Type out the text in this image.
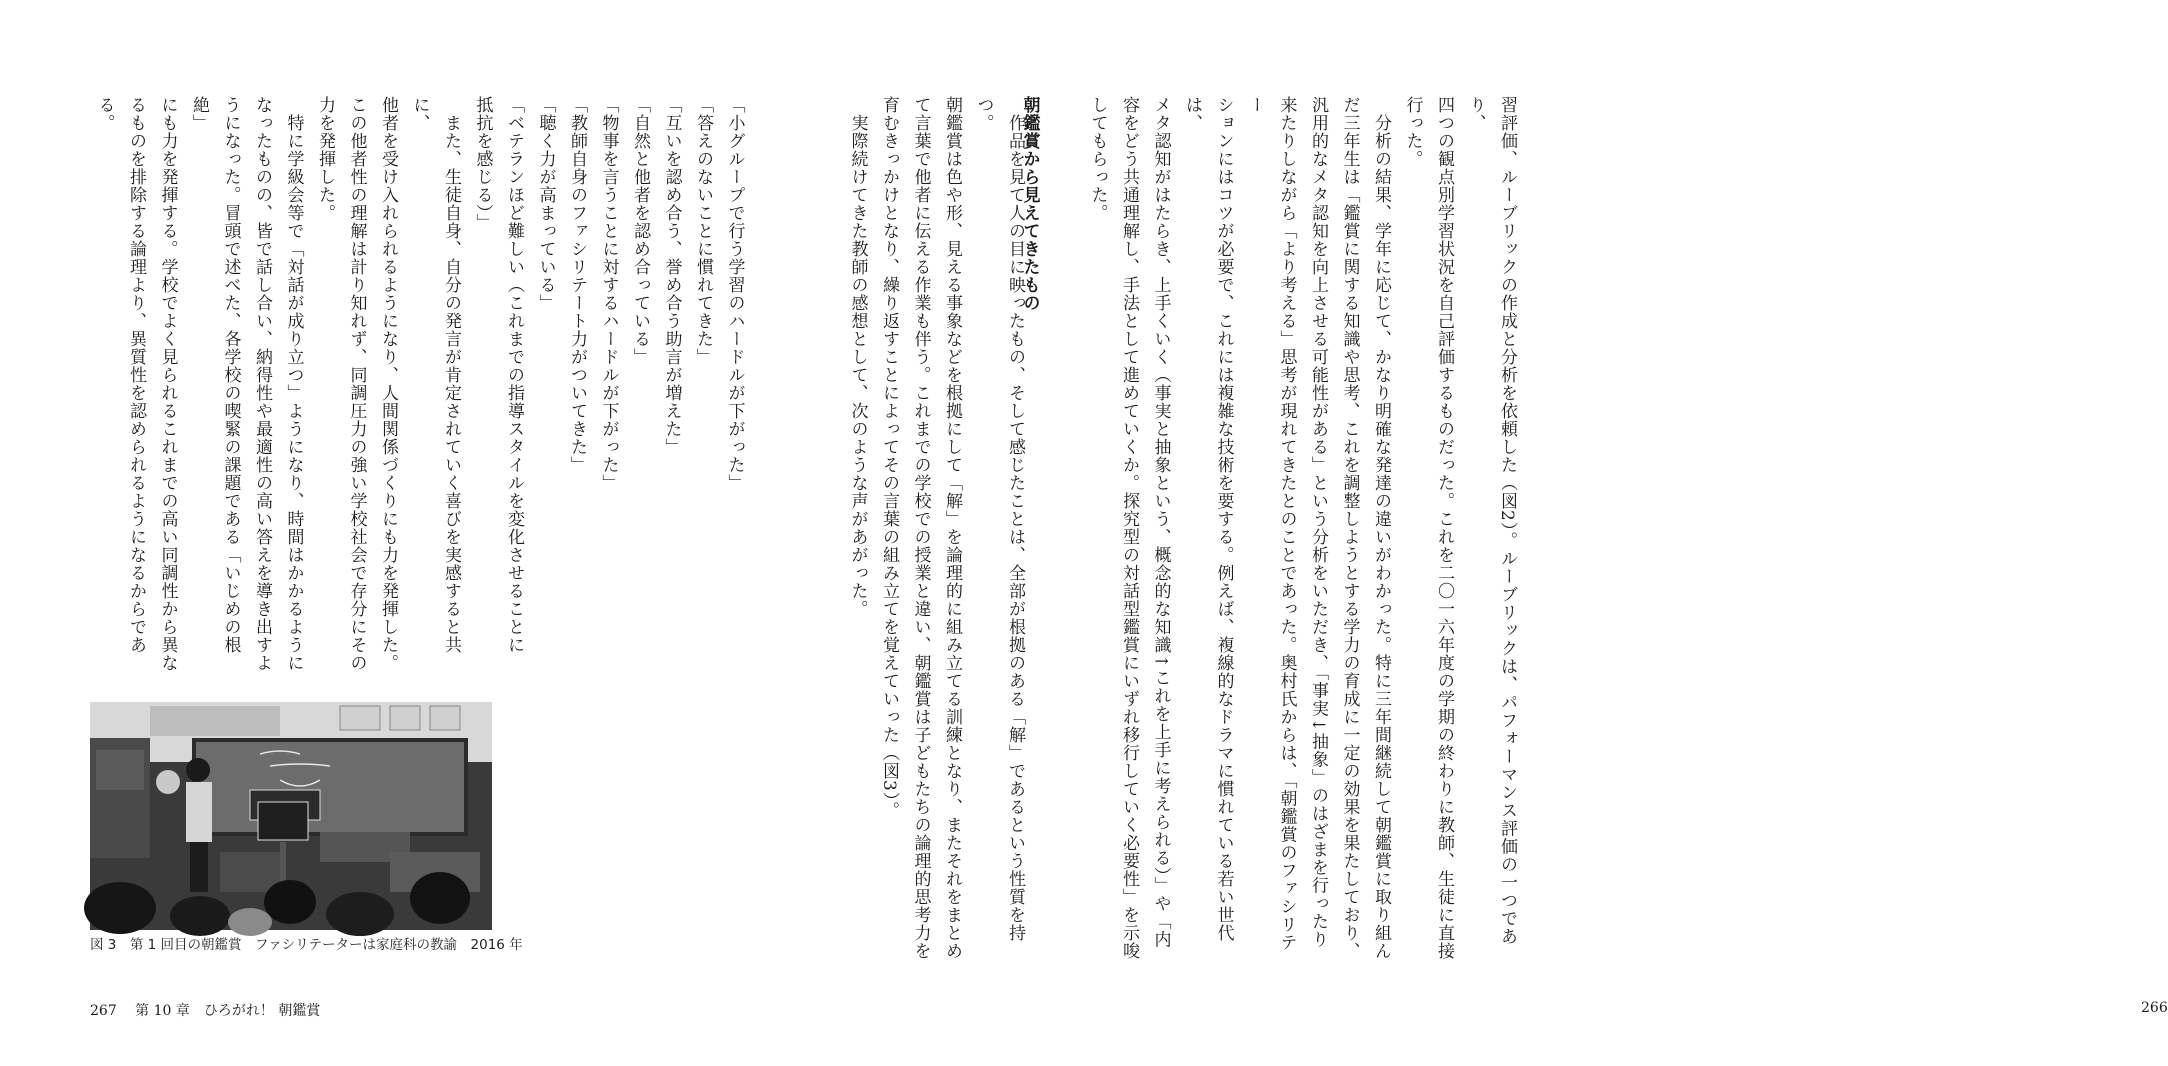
習評価、ルーブリックの作成と分析を依頼した（図2）。ルーブリックは、パフォーマンス評価の一つであり、
四つの観点別学習状況を自己評価するものだった。これを二〇一六年度の学期の終わりに教師、生徒に直接
行った。
　分析の結果、学年に応じて、かなり明確な発達の違いがわかった。特に三年間継続して朝鑑賞に取り組ん
だ三年生は「鑑賞に関する知識や思考、これを調整しようとする学力の育成に一定の効果を果たしており、
汎用的なメタ認知を向上させる可能性がある」という分析をいただき、「事実↓抽象」のはざまを行ったり
来たりしながら「より考える」思考が現れてきたとのことであった。奥村氏からは、「朝鑑賞のファシリテー
ションにはコツが必要で、これには複雑な技術を要する。例えば、複線的なドラマに慣れている若い世代は、
メタ認知がはたらき、上手くいく（事実と抽象という、概念的な知識↑これを上手に考えられる）」や「内
容をどう共通理解し、手法として進めていくか。探究型の対話型鑑賞にいずれ移行していく必要性」を示唆
してもらった。
朝鑑賞から見えてきたもの
　作品を見て人の目に映ったもの、そして感じたことは、全部が根拠のある「解」であるという性質を持つ。
朝鑑賞は色や形、見える事象などを根拠にして「解」を論理的に組み立てる訓練となり、またそれをまとめ
て言葉で他者に伝える作業も伴う。これまでの学校での授業と違い、朝鑑賞は子どもたちの論理的思考力を
育むきっかけとなり、繰り返すことによってその言葉の組み立てを覚えていった（図3）。
　実際続けてきた教師の感想として、次のような声があがった。
266
「小グループで行う学習のハードルが下がった」
「答えのないことに慣れてきた」
「互いを認め合う、誉め合う助言が増えた」
「自然と他者を認め合っている」
「物事を言うことに対するハードルが下がった」
「教師自身のファシリテート力がついてきた」
「聴く力が高まっている」
「ベテランほど難しい（これまでの指導スタイルを変化させることに
抵抗を感じる）」
　また、生徒自身、自分の発言が肯定されていく喜びを実感すると共に、
他者を受け入れられるようになり、人間関係づくりにも力を発揮した。
この他者性の理解は計り知れず、同調圧力の強い学校社会で存分にその
力を発揮した。
　特に学級会等で「対話が成り立つ」ようになり、時間はかかるように
なったものの、皆で話し合い、納得性や最適性の高い答えを導き出すよ
うになった。冒頭で述べた、各学校の喫緊の課題である「いじめの根絶」
にも力を発揮する。学校でよく見られるこれまでの高い同調性から異な
るものを排除する論理より、異質性を認められるようになるからである。
図 3　第 1 回目の朝鑑賞　ファシリテーターは家庭科の教諭　2016 年
267　 第 10 章　ひろがれ！ 朝鑑賞
